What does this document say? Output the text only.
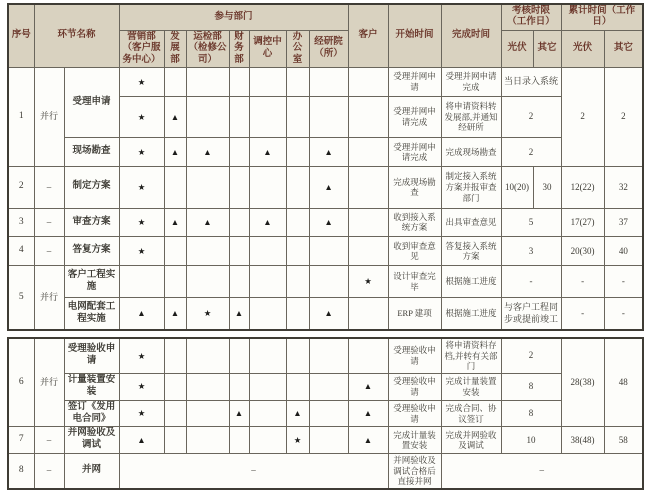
序号	环节名称		参与部门							客户	开始时间	完成时间	考核时限（工作日）		累计时间（工作日）	
			营销部（客户服务中心）	发展部	运检部（检修公司）	财务部	调控中心	办公室	经研院（所）				光伏	其它	光伏	其它
1	并行	受理申请	★								受理并网申请	受理并网申请完成	当日录入系统		2	2
			★	▲							受理并网申请完成	将申请资料转发展部,并通知经研所	2			
		现场勘查	★	▲	▲		▲		▲		受理并网申请完成	完成现场勘查	2			
2	–	制定方案	★						▲		完成现场勘查	制定接入系统方案并报审查部门	10(20)	30	12(22)	32
3	–	审查方案	★	▲	▲		▲		▲		收到接入系统方案	出具审查意见	5		17(27)	37
4	–	答复方案	★								收到审查意见	答复接入系统方案	3		20(30)	40
5	并行	客户工程实施								★	设计审查完毕	根据施工进度	-		-	-
		电网配套工程实施	▲	▲	★	▲			▲		ERP 建项	根据施工进度	与客户工程同步或提前竣工		-	-
6	并行	受理验收申请	★								受理验收申请	将申请资料存档,并转有关部门	2	28(38)	48
		计量装置安装	★							▲	受理验收申请	完成计量装置安装	8		
		签订《发用电合同》	★			▲		▲		▲	受理验收申请	完成合同、协议签订	8		
7	–	并网验收及调试	▲					★		▲	完成计量装置安装	完成并网验收及调试	10	38(48)	58
8	–	并网	–								并网验收及调试合格后直接并网	–			
